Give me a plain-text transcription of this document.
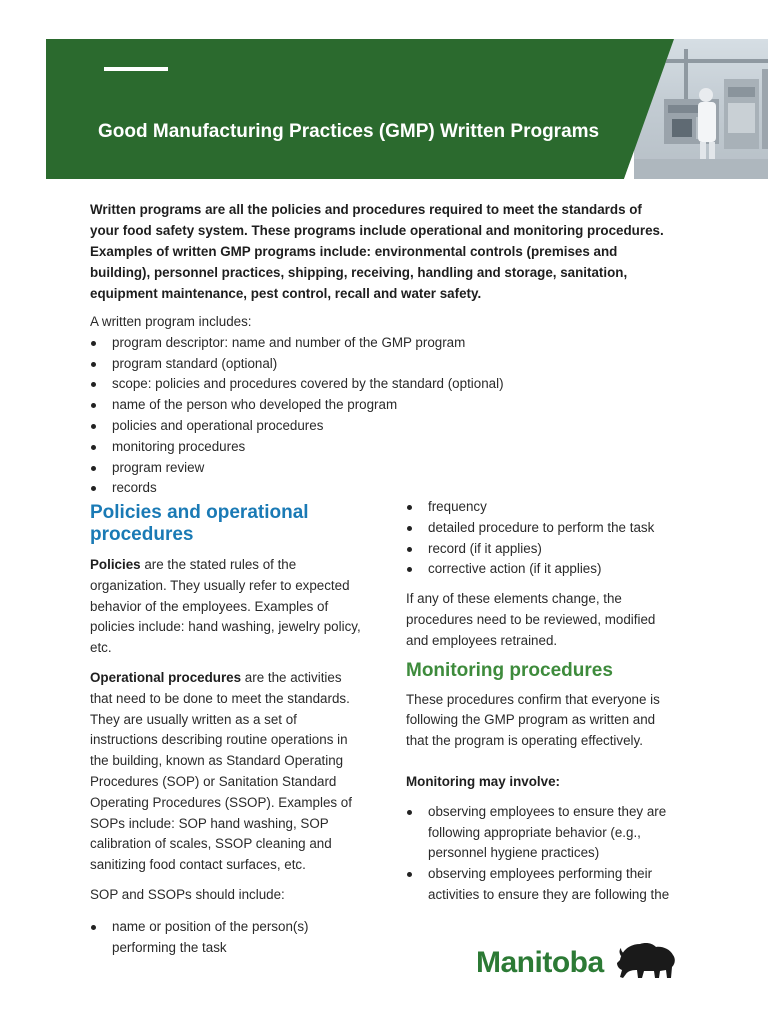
Good Manufacturing Practices (GMP) Written Programs

Written programs are all the policies and procedures required to meet the standards of your food safety system. These programs include operational and monitoring procedures. Examples of written GMP programs include: environmental controls (premises and building), personnel practices, shipping, receiving, handling and storage, sanitation, equipment maintenance, pest control, recall and water safety.

A written program includes:

program descriptor: name and number of the GMP program
program standard (optional)
scope: policies and procedures covered by the standard (optional)
name of the person who developed the program
policies and operational procedures
monitoring procedures
program review
records
Policies and operational procedures

Policies are the stated rules of the organization. They usually refer to expected behavior of the employees. Examples of policies include: hand washing, jewelry policy, etc.

Operational procedures are the activities that need to be done to meet the standards. They are usually written as a set of instructions describing routine operations in the building, known as Standard Operating Procedures (SOP) or Sanitation Standard Operating Procedures (SSOP). Examples of SOPs include: SOP hand washing, SOP calibration of scales, SSOP cleaning and sanitizing food contact surfaces, etc.

SOP and SSOPs should include:

name or position of the person(s) performing the task
frequency
detailed procedure to perform the task
record (if it applies)
corrective action (if it applies)

If any of these elements change, the procedures need to be reviewed, modified and employees retrained.

Monitoring procedures

These procedures confirm that everyone is following the GMP program as written and that the program is operating effectively.

Monitoring may involve:

observing employees to ensure they are following appropriate behavior (e.g., personnel hygiene practices)
observing employees performing their activities to ensure they are following the
Manitoba
